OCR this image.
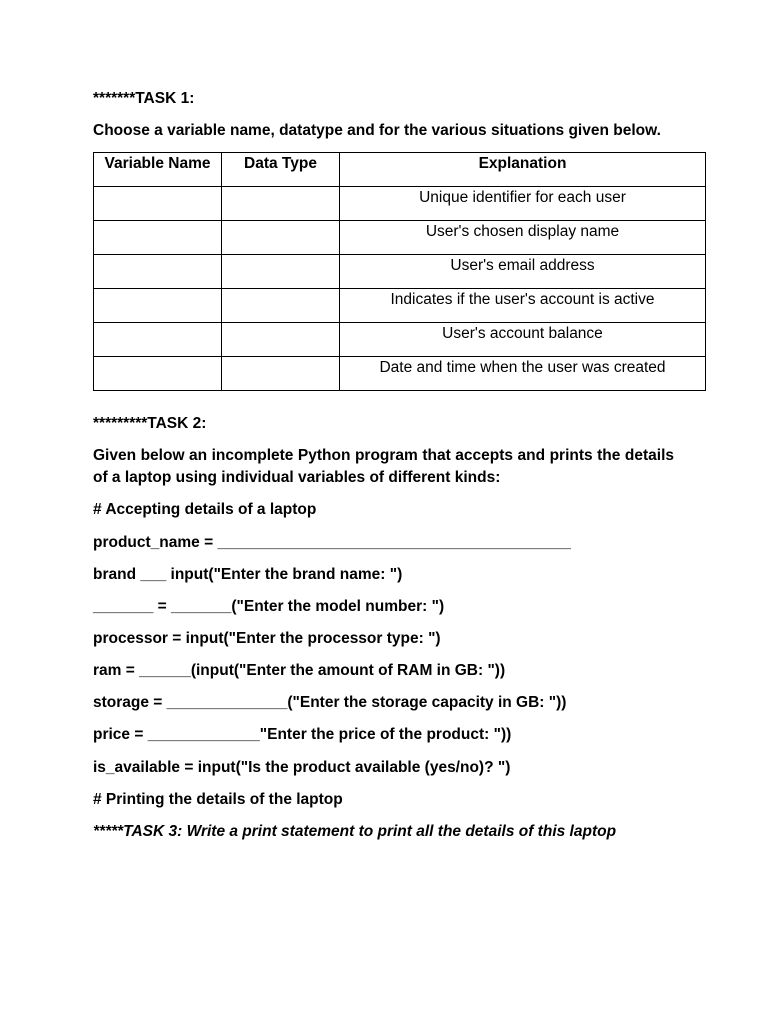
*******TASK 1:
Choose a variable name, datatype and for the various situations given below.
Variable Name	Data Type	Explanation
		Unique identifier for each user
		User's chosen display name
		User's email address
		Indicates if the user's account is active
		User's account balance
		Date and time when the user was created
*********TASK 2:
Given below an incomplete Python program that accepts and prints the details of a laptop using individual variables of different kinds:
# Accepting details of a laptop
product_name = _________________________________________
brand ___ input("Enter the brand name: ")
_______ = _______("Enter the model number: ")
processor = input("Enter the processor type: ")
ram = ______(input("Enter the amount of RAM in GB: "))
storage = ______________("Enter the storage capacity in GB: "))
price = _____________"Enter the price of the product: "))
is_available = input("Is the product available (yes/no)? ")
# Printing the details of the laptop
*****TASK 3: Write a print statement to print all the details of this laptop
